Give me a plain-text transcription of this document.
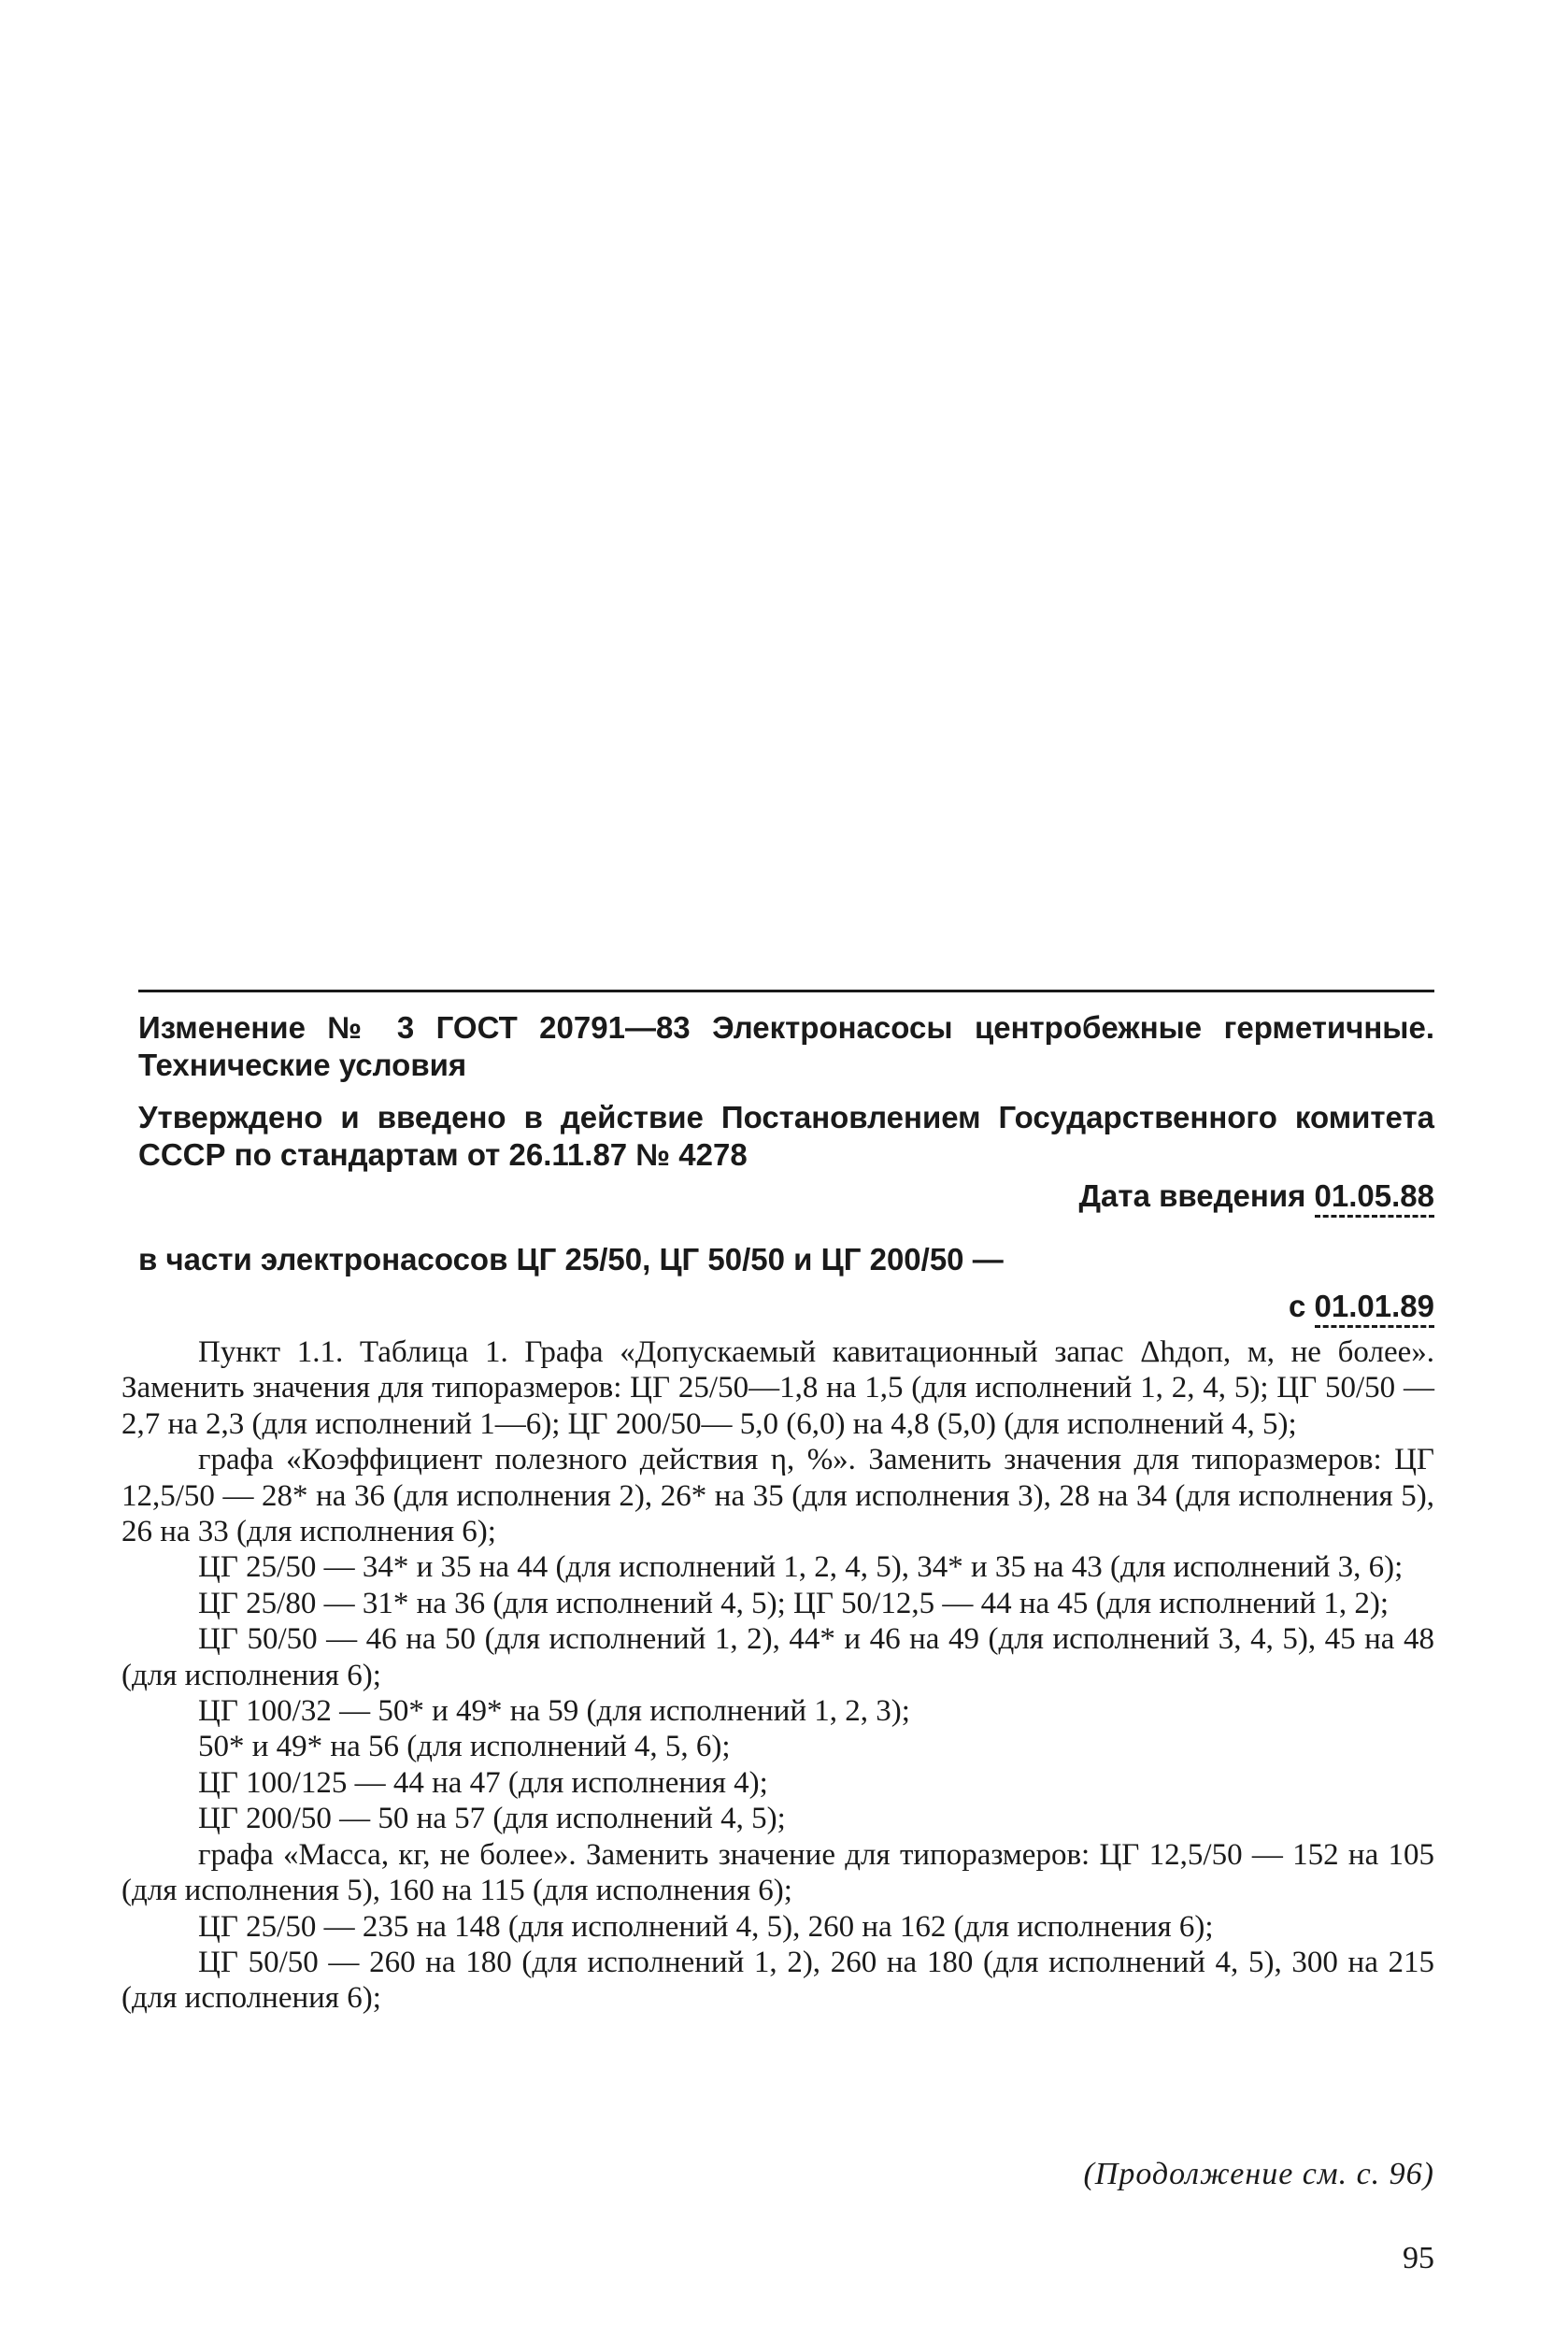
Изменение № 3 ГОСТ 20791—83 Электронасосы центробежные герметичные. Технические условия
Утверждено и введено в действие Постановлением Государственного комитета СССР по стандартам от 26.11.87 № 4278
Дата введения 01.05.88
в части электронасосов ЦГ 25/50, ЦГ 50/50 и ЦГ 200/50 —
с 01.01.89

Пункт 1.1. Таблица 1. Графа «Допускаемый кавитационный запас Δhдоп, м, не более». Заменить значения для типоразмеров: ЦГ 25/50—1,8 на 1,5 (для исполнений 1, 2, 4, 5); ЦГ 50/50 — 2,7 на 2,3 (для исполнений 1—6); ЦГ 200/50— 5,0 (6,0) на 4,8 (5,0) (для исполнений 4, 5);

графа «Коэффициент полезного действия η, %». Заменить значения для типоразмеров: ЦГ 12,5/50 — 28* на 36 (для исполнения 2), 26* на 35 (для исполнения 3), 28 на 34 (для исполнения 5), 26 на 33 (для исполнения 6);

ЦГ 25/50 — 34* и 35 на 44 (для исполнений 1, 2, 4, 5), 34* и 35 на 43 (для исполнений 3, 6);

ЦГ 25/80 — 31* на 36 (для исполнений 4, 5); ЦГ 50/12,5 — 44 на 45 (для исполнений 1, 2);

ЦГ 50/50 — 46 на 50 (для исполнений 1, 2), 44* и 46 на 49 (для исполнений 3, 4, 5), 45 на 48 (для исполнения 6);

ЦГ 100/32 — 50* и 49* на 59 (для исполнений 1, 2, 3);

50* и 49* на 56 (для исполнений 4, 5, 6);

ЦГ 100/125 — 44 на 47 (для исполнения 4);

ЦГ 200/50 — 50 на 57 (для исполнений 4, 5);

графа «Масса, кг, не более». Заменить значение для типоразмеров: ЦГ 12,5/50 — 152 на 105 (для исполнения 5), 160 на 115 (для исполнения 6);

ЦГ 25/50 — 235 на 148 (для исполнений 4, 5), 260 на 162 (для исполнения 6);

ЦГ 50/50 — 260 на 180 (для исполнений 1, 2), 260 на 180 (для исполнений 4, 5), 300 на 215 (для исполнения 6);

(Продолжение см. с. 96)
95
